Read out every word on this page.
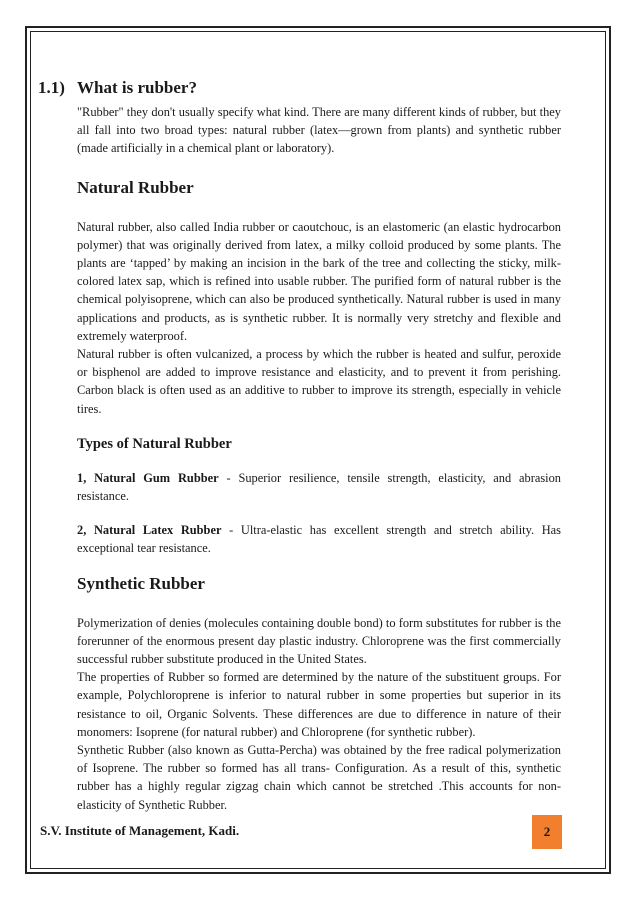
1.1) What is rubber?

"Rubber" they don't usually specify what kind. There are many different kinds of rubber, but they all fall into two broad types: natural rubber (latex—grown from plants) and synthetic rubber (made artificially in a chemical plant or laboratory).

Natural Rubber

Natural rubber, also called India rubber or caoutchouc, is an elastomeric (an elastic hydrocarbon polymer) that was originally derived from latex, a milky colloid produced by some plants. The plants are ‘tapped’ by making an incision in the bark of the tree and collecting the sticky, milk-colored latex sap, which is refined into usable rubber. The purified form of natural rubber is the chemical polyisoprene, which can also be produced synthetically. Natural rubber is used in many applications and products, as is synthetic rubber. It is normally very stretchy and flexible and extremely waterproof.

Natural rubber is often vulcanized, a process by which the rubber is heated and sulfur, peroxide or bisphenol are added to improve resistance and elasticity, and to prevent it from perishing. Carbon black is often used as an additive to rubber to improve its strength, especially in vehicle tires.

Types of Natural Rubber

1, Natural Gum Rubber - Superior resilience, tensile strength, elasticity, and abrasion resistance.

2, Natural Latex Rubber - Ultra-elastic has excellent strength and stretch ability. Has exceptional tear resistance.

Synthetic Rubber

Polymerization of denies (molecules containing double bond) to form substitutes for rubber is the forerunner of the enormous present day plastic industry. Chloroprene was the first commercially successful rubber substitute produced in the United States.

The properties of Rubber so formed are determined by the nature of the substituent groups. For example, Polychloroprene is inferior to natural rubber in some properties but superior in its resistance to oil, Organic Solvents. These differences are due to difference in nature of their monomers: Isoprene (for natural rubber) and Chloroprene (for synthetic rubber).

Synthetic Rubber (also known as Gutta-Percha) was obtained by the free radical polymerization of Isoprene. The rubber so formed has all trans- Configuration. As a result of this, synthetic rubber has a highly regular zigzag chain which cannot be stretched .This accounts for non-elasticity of Synthetic Rubber.

S.V. Institute of Management, Kadi.	2
